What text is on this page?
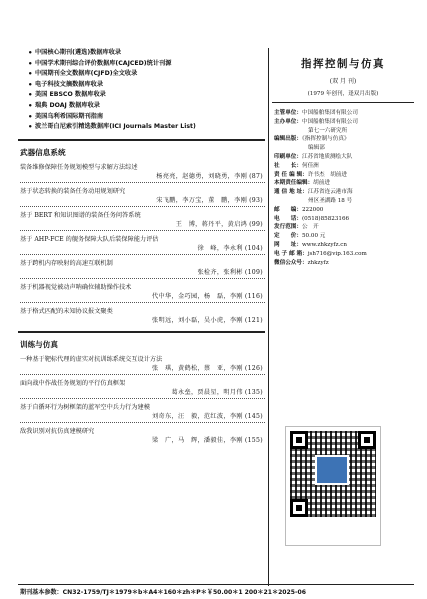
• 中国核心期刊(遴选)数据库收录
• 中国学术期刊综合评价数据库(CAJCED)统计刊源
• 中国期刊全文数据库(CJFD)全文收录
• 电子科技文摘数据库收录
• 美国 EBSCO 数据库收录
• 瑞典 DOAJ 数据库收录
• 美国乌利希国际期刊指南
• 波兰哥白尼索引精选数据库(ICI Journals Master List)
武器信息系统
装备维修保障任务规划模型与求解方法综述
杨亮亮，赵德勇，刘晓勇，李刚 (87)
基于状态转换的装备任务动用规划研究
宋飞鹏，李万宝，董　鹏，李刚 (93)
基于 BERT 和知识图谱的装备任务问答系统
王　博，蒋丹平，黄启鸿 (99)
基于 AHP-FCE 的舰务保障大队后装保障能力评估
徐　峰，李永利 (104)
基于跨机内存映射的高速互联机制
张检齐，张利彬 (109)
基于机器视觉被动声呐确位辅助操作技术
代中华，金巧园，杨　磊，李刚 (116)
基于格式匹配的未知协议报文聚类
张明远，刘小磊，吴小虎，李刚 (121)
训练与仿真
一种基于靶标代理的虚实对抗训练系统交互设计方法
张　琪，黄鹤松，蔡　亚，李刚 (126)
面向战中作战任务规划的平行仿真框架
葛永垒，贾晨星，明月伟 (135)
基于自循环行为树框架的蓝军空中兵力行为建模
刘奇东，汪　毅，范红波，李刚 (145)
敌我识别对抗仿真建模研究
梁　广，马　辉，潘毅佳，李刚 (155)
指挥控制与仿真
(双 月 刊)
(1979 年创刊，逢双月出版)
主管单位：中国船舶集团有限公司
主办单位：中国船舶集团有限公司
第七一六研究所
编辑出版：《指挥控制与仿真》
编辑部
印刷单位：江苏省地质测绘大队
社　　长：何佳洲
责 任 编 辑：许书杰　胡前进
本期责任编辑：胡前进
通 信 地 址：江苏省连云港市海
州区圣湖路 18 号
邮　　编：222000
电　　话：(0518)85823166
发行范围：公　开
定　　价：50.00 元
网　　址：www.zhkzyfz.cn
电 子 邮 箱：jsh716@vip.163.com
微信公众号：zhkzyfz
期刊基本参数：CN32-1759/TJ＊1979＊b＊A4＊160＊zh＊P＊￥50.00＊1 200＊21＊2025-06
